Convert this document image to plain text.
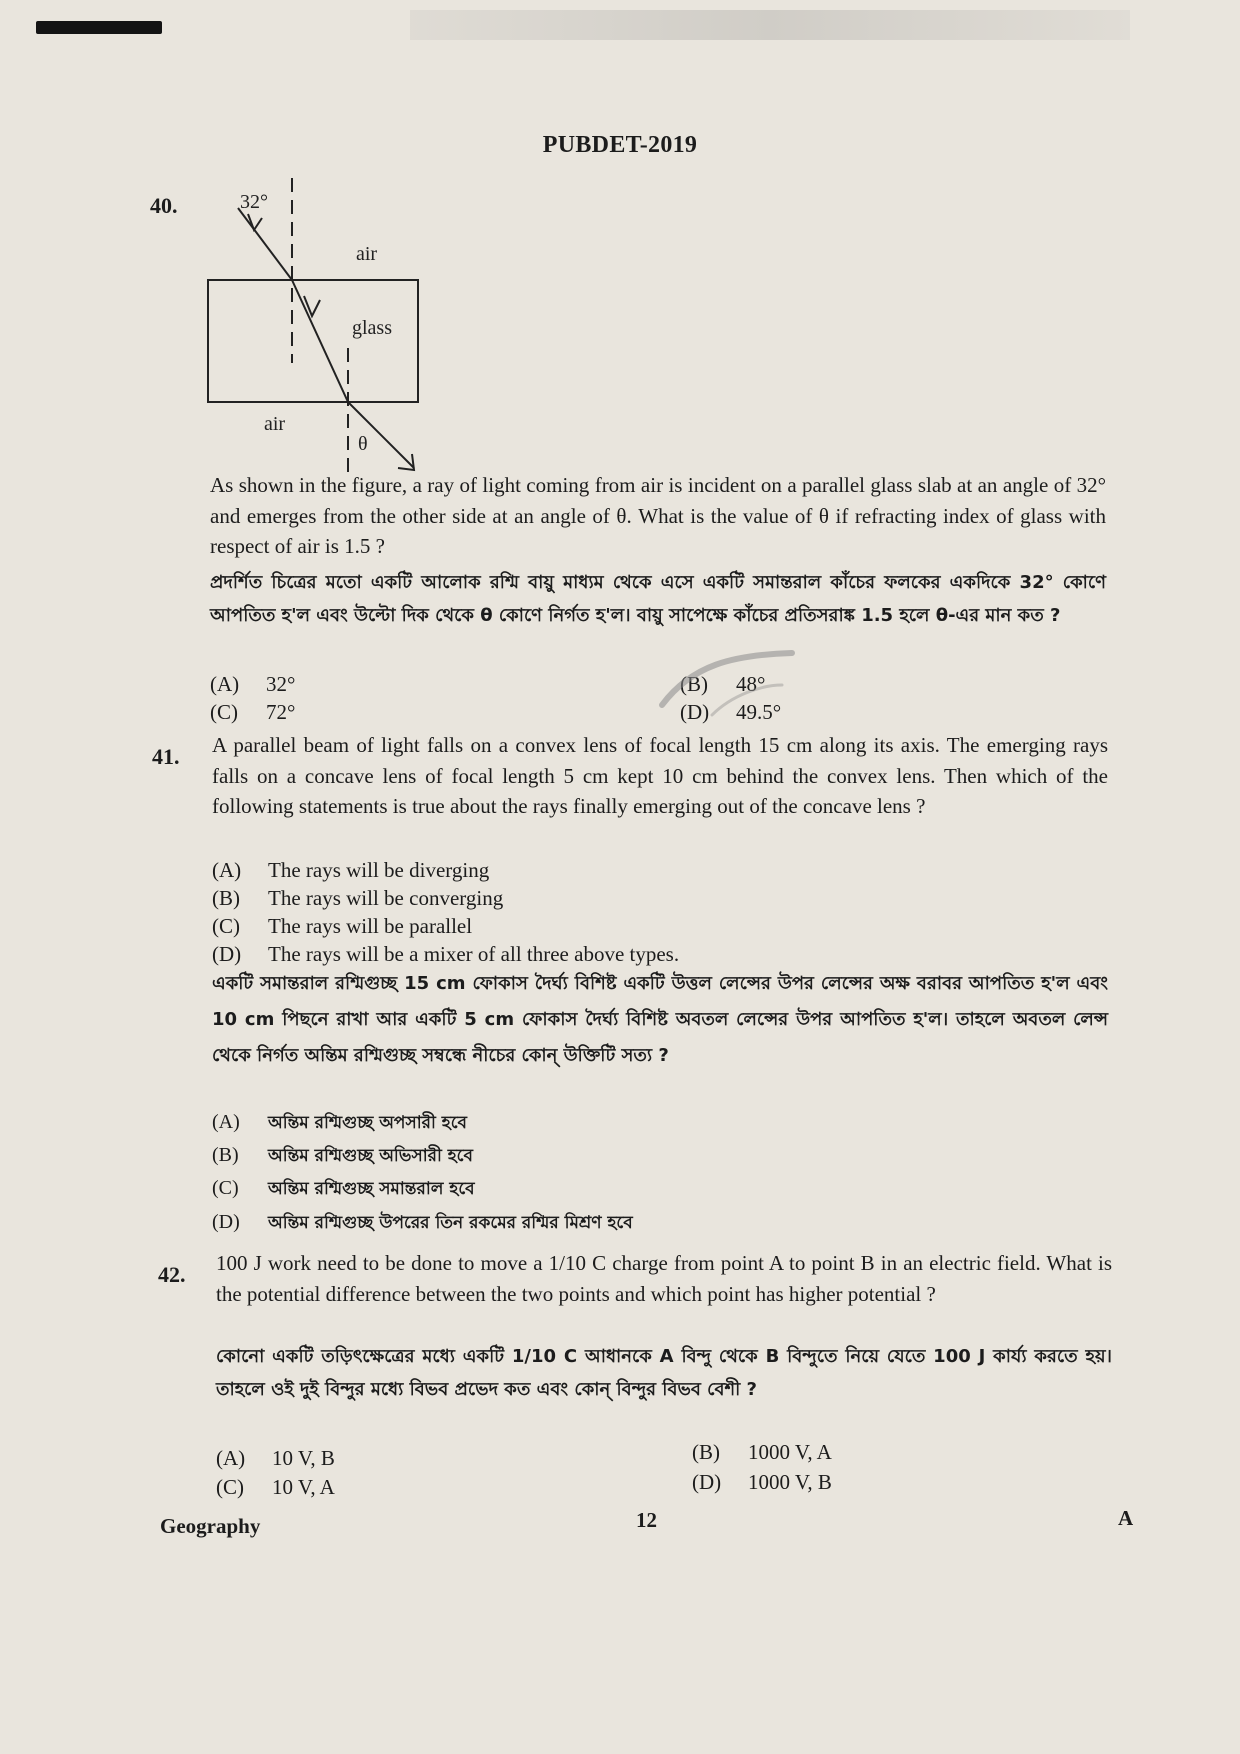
PUBDET-2019
40.	32°
air
glass
air
θ
As shown in the figure, a ray of light coming from air is incident on a parallel glass slab at an angle of 32° and emerges from the other side at an angle of θ. What is the value of θ if refracting index of glass with respect of air is 1.5 ?
প্রদর্শিত চিত্রের মতো একটি আলোক রশ্মি বায়ু মাধ্যম থেকে এসে একটি সমান্তরাল কাঁচের ফলকের একদিকে 32° কোণে আপতিত হ'ল এবং উল্টো দিক থেকে θ কোণে নির্গত হ'ল। বায়ু সাপেক্ষে কাঁচের প্রতিসরাঙ্ক 1.5 হলে θ-এর মান কত ?
(A) 32°
(C) 72°
(B) 48°
(D) 49.5°
41. A parallel beam of light falls on a convex lens of focal length 15 cm along its axis. The emerging rays falls on a concave lens of focal length 5 cm kept 10 cm behind the convex lens. Then which of the following statements is true about the rays finally emerging out of the concave lens ?
(A) The rays will be diverging
(B) The rays will be converging
(C) The rays will be parallel
(D) The rays will be a mixer of all three above types.
একটি সমান্তরাল রশ্মিগুচ্ছ 15 cm ফোকাস দৈর্ঘ্য বিশিষ্ট একটি উত্তল লেন্সের উপর লেন্সের অক্ষ বরাবর আপতিত হ'ল এবং 10 cm পিছনে রাখা আর একটি 5 cm ফোকাস দৈর্ঘ্য বিশিষ্ট অবতল লেন্সের উপর আপতিত হ'ল। তাহলে অবতল লেন্স থেকে নির্গত অন্তিম রশ্মিগুচ্ছ সম্বন্ধে নীচের কোন্ উক্তিটি সত্য ?
(A) অন্তিম রশ্মিগুচ্ছ অপসারী হবে
(B) অন্তিম রশ্মিগুচ্ছ অভিসারী হবে
(C) অন্তিম রশ্মিগুচ্ছ সমান্তরাল হবে
(D) অন্তিম রশ্মিগুচ্ছ উপরের তিন রকমের রশ্মির মিশ্রণ হবে
42. 100 J work need to be done to move a 1/10 C charge from point A to point B in an electric field. What is the potential difference between the two points and which point has higher potential ?
কোনো একটি তড়িৎক্ষেত্রের মধ্যে একটি 1/10 C আধানকে A বিন্দু থেকে B বিন্দুতে নিয়ে যেতে 100 J কার্য্য করতে হয়। তাহলে ওই দুই বিন্দুর মধ্যে বিভব প্রভেদ কত এবং কোন্ বিন্দুর বিভব বেশী ?
(A) 10 V, B
(C) 10 V, A
(B) 1000 V, A
(D) 1000 V, B
Geography	12	A
